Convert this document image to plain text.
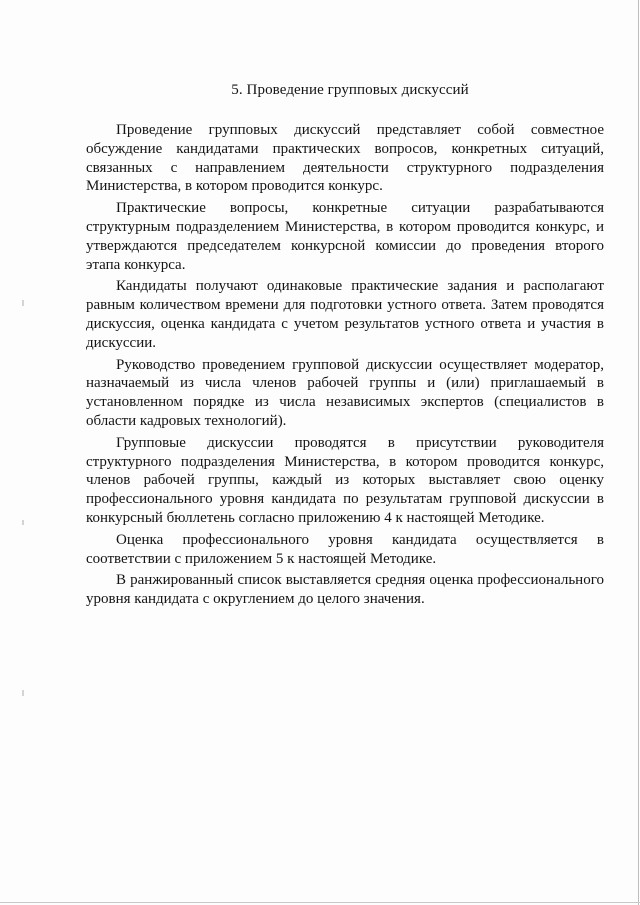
5. Проведение групповых дискуссий

Проведение групповых дискуссий представляет собой совместное обсуждение кандидатами практических вопросов, конкретных ситуаций, связанных с направлением деятельности структурного подразделения Министерства, в котором проводится конкурс.

Практические вопросы, конкретные ситуации разрабатываются структурным подразделением Министерства, в котором проводится конкурс, и утверждаются председателем конкурсной комиссии до проведения второго этапа конкурса.

Кандидаты получают одинаковые практические задания и располагают равным количеством времени для подготовки устного ответа. Затем проводятся дискуссия, оценка кандидата с учетом результатов устного ответа и участия в дискуссии.

Руководство проведением групповой дискуссии осуществляет модератор, назначаемый из числа членов рабочей группы и (или) приглашаемый в установленном порядке из числа независимых экспертов (специалистов в области кадровых технологий).

Групповые дискуссии проводятся в присутствии руководителя структурного подразделения Министерства, в котором проводится конкурс, членов рабочей группы, каждый из которых выставляет свою оценку профессионального уровня кандидата по результатам групповой дискуссии в конкурсный бюллетень согласно приложению 4 к настоящей Методике.

Оценка профессионального уровня кандидата осуществляется в соответствии с приложением 5 к настоящей Методике.

В ранжированный список выставляется средняя оценка профессионального уровня кандидата с округлением до целого значения.
